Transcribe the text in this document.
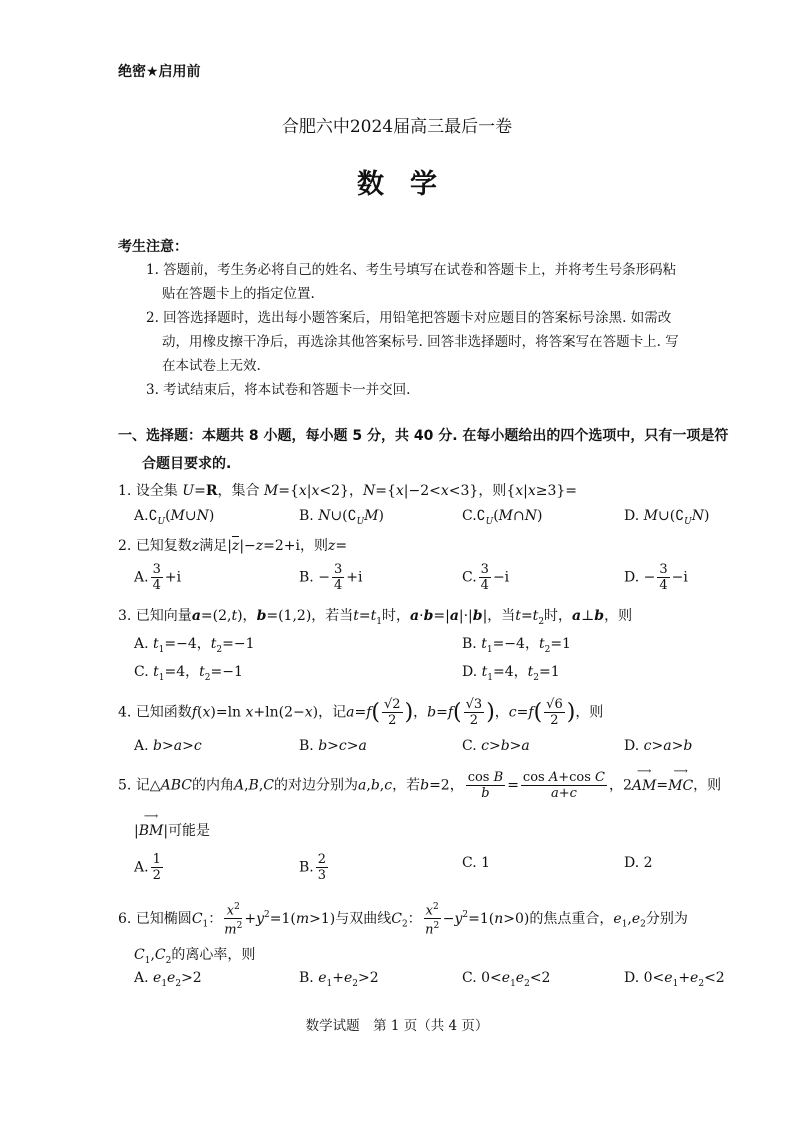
绝密★启用前
合肥六中2024届高三最后一卷
数学
考生注意：
1. 答题前，考生务必将自己的姓名、考生号填写在试卷和答题卡上，并将考生号条形码粘
贴在答题卡上的指定位置.
2. 回答选择题时，选出每小题答案后，用铅笔把答题卡对应题目的答案标号涂黑. 如需改
动，用橡皮擦干净后，再选涂其他答案标号. 回答非选择题时，将答案写在答题卡上. 写
在本试卷上无效.
3. 考试结束后，将本试卷和答题卡一并交回.
一、选择题：本题共 8 小题，每小题 5 分，共 40 分. 在每小题给出的四个选项中，只有一项是符
合题目要求的.
1. 设全集 U=R，集合 M={x|x<2}，N={x|−2<x<3}，则{x|x≥3}=
$A.∁_U(M\cup N)$	B. $N\cup(∁_UM)$	$C.∁_U(M\cap N)$	D. $M\cup(∁_UN)$
2. 已知复数z满足|z|−z=2+i，则z=
A. $\frac{3}{4} +i$	B. − $\frac{3}{4} +i$	C. $\frac{3}{4} -i$	D. − $\frac{3}{4} -i$
3. 已知向量a=(2,t)，b=(1,2)，若当$t=t_1$时，a·b=|a|·|b|，当$t=t_2$时，a⊥b，则
A. $t_1=-4$，$t_2=-1$	B. $t_1=-4$，$t_2=1$
C. $t_1=4$，$t_2=-1$	D. $t_1=4$，$t_2=1$
4. 已知函数f(x)=ln x+ln(2−x)，记$a=f( \frac{√2}{2}$ )，$b=f( \frac{√3}{2}$ )，$c=f( \frac{√6}{2}$ )，则
A. b>a>c	B. b>c>a	C. c>b>a	D. c>a>b
5. 记△ABC的内角A,B,C的对边分别为a,b,c，若b=2， $\frac{\text{cos B}}{b} = \frac{\text{cos A+cos C}}{a+c}$ ，2⟶ AM=⟶ MC，则
|⟶ BM|可能是
A. $\frac{1}{2}$	B. $\frac{2}{3}$	C. 1	D. 2
6. 已知椭圆$C_1$： $\frac{x^2}{m^2} +y^2=1(m>1)$与双曲线$C_2$： $\frac{x^2}{n^2} -y^2=1(n>0)$的焦点重合，$e_1,e_2$分别为
$C_1,C_2$的离心率，则
A. $e_1e_2>2$	B. $e_1+e_2>2$	C. $0<e_1e_2<2$	D. $0<e_1+e_2<2$
数学试题　第 1 页（共 4 页）
